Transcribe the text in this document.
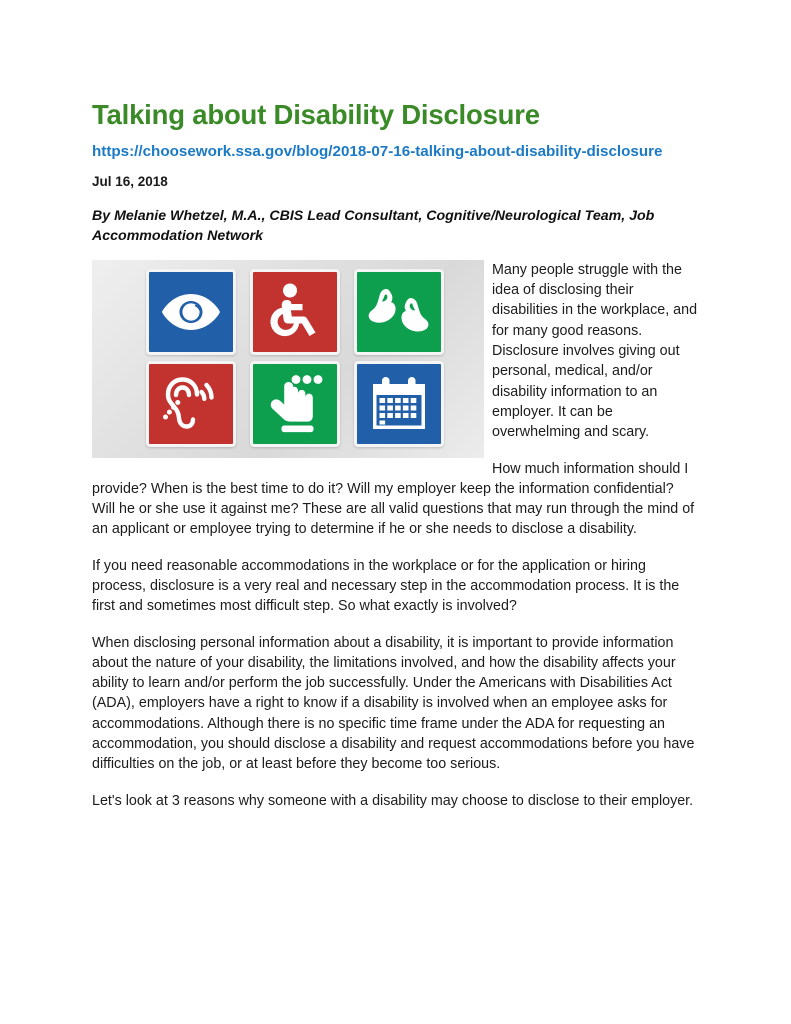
Talking about Disability Disclosure
https://choosework.ssa.gov/blog/2018-07-16-talking-about-disability-disclosure
Jul 16, 2018
By Melanie Whetzel, M.A., CBIS Lead Consultant, Cognitive/Neurological Team, Job Accommodation Network

Many people struggle with the idea of disclosing their disabilities in the workplace, and for many good reasons. Disclosure involves giving out personal, medical, and/or disability information to an employer. It can be overwhelming and scary.

How much information should I provide? When is the best time to do it? Will my employer keep the information confidential? Will he or she use it against me? These are all valid questions that may run through the mind of an applicant or employee trying to determine if he or she needs to disclose a disability.

If you need reasonable accommodations in the workplace or for the application or hiring process, disclosure is a very real and necessary step in the accommodation process. It is the first and sometimes most difficult step. So what exactly is involved?

When disclosing personal information about a disability, it is important to provide information about the nature of your disability, the limitations involved, and how the disability affects your ability to learn and/or perform the job successfully. Under the Americans with Disabilities Act (ADA), employers have a right to know if a disability is involved when an employee asks for accommodations. Although there is no specific time frame under the ADA for requesting an accommodation, you should disclose a disability and request accommodations before you have difficulties on the job, or at least before they become too serious.

Let's look at 3 reasons why someone with a disability may choose to disclose to their employer.
